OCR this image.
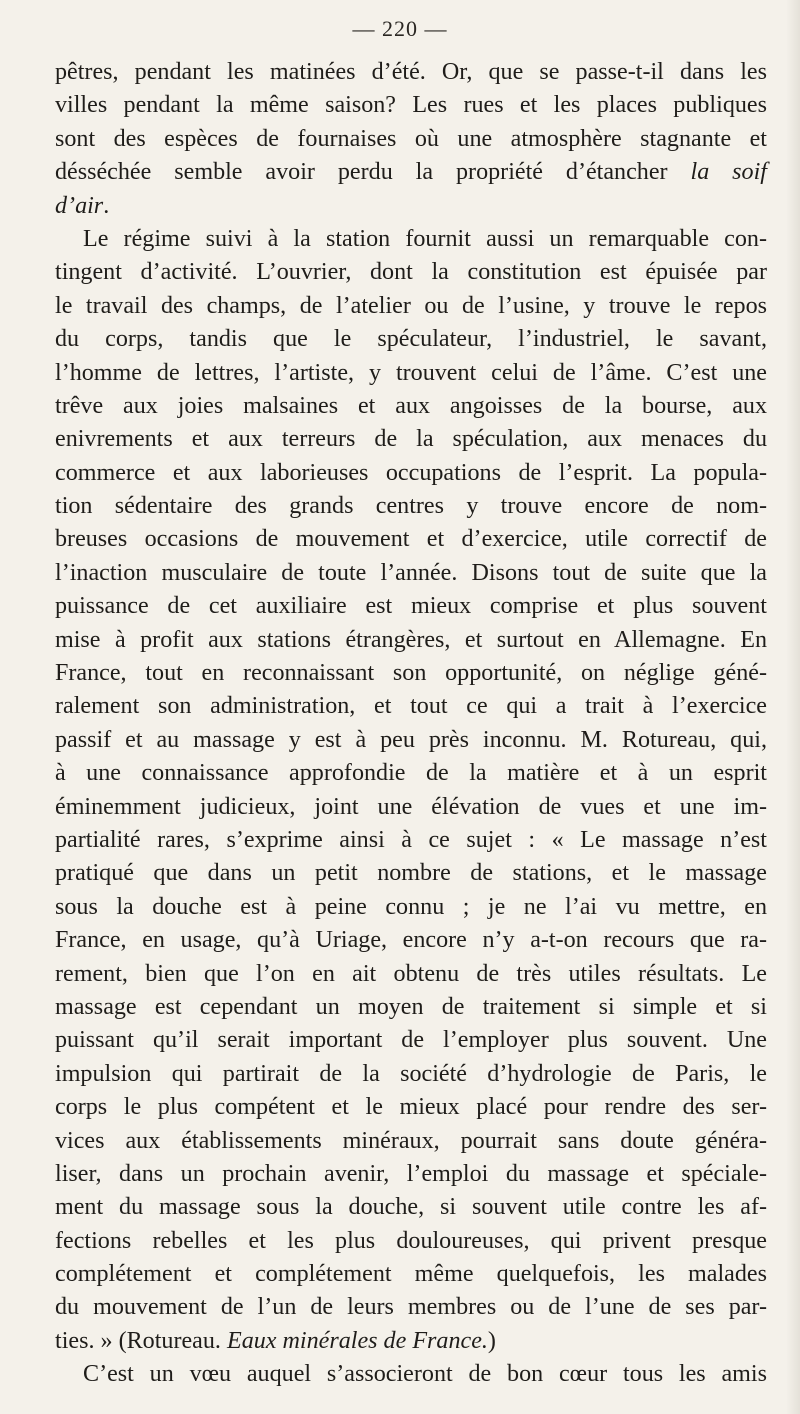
— 220 —
pêtres, pendant les matinées d’été. Or, que se passe-t-il dans les
villes pendant la même saison? Les rues et les places publiques
sont des espèces de fournaises où une atmosphère stagnante et
désséchée semble avoir perdu la propriété d’étancher la soif
d’air.
Le régime suivi à la station fournit aussi un remarquable con-
tingent d’activité. L’ouvrier, dont la constitution est épuisée par
le travail des champs, de l’atelier ou de l’usine, y trouve le repos
du corps, tandis que le spéculateur, l’industriel, le savant,
l’homme de lettres, l’artiste, y trouvent celui de l’âme. C’est une
trêve aux joies malsaines et aux angoisses de la bourse, aux
enivrements et aux terreurs de la spéculation, aux menaces du
commerce et aux laborieuses occupations de l’esprit. La popula-
tion sédentaire des grands centres y trouve encore de nom-
breuses occasions de mouvement et d’exercice, utile correctif de
l’inaction musculaire de toute l’année. Disons tout de suite que la
puissance de cet auxiliaire est mieux comprise et plus souvent
mise à profit aux stations étrangères, et surtout en Allemagne. En
France, tout en reconnaissant son opportunité, on néglige géné-
ralement son administration, et tout ce qui a trait à l’exercice
passif et au massage y est à peu près inconnu. M. Rotureau, qui,
à une connaissance approfondie de la matière et à un esprit
éminemment judicieux, joint une élévation de vues et une im-
partialité rares, s’exprime ainsi à ce sujet : « Le massage n’est
pratiqué que dans un petit nombre de stations, et le massage
sous la douche est à peine connu ; je ne l’ai vu mettre, en
France, en usage, qu’à Uriage, encore n’y a-t-on recours que ra-
rement, bien que l’on en ait obtenu de très utiles résultats. Le
massage est cependant un moyen de traitement si simple et si
puissant qu’il serait important de l’employer plus souvent. Une
impulsion qui partirait de la société d’hydrologie de Paris, le
corps le plus compétent et le mieux placé pour rendre des ser-
vices aux établissements minéraux, pourrait sans doute généra-
liser, dans un prochain avenir, l’emploi du massage et spéciale-
ment du massage sous la douche, si souvent utile contre les af-
fections rebelles et les plus douloureuses, qui privent presque
complétement et complétement même quelquefois, les malades
du mouvement de l’un de leurs membres ou de l’une de ses par-
ties. » (Rotureau. Eaux minérales de France.)
C’est un vœu auquel s’associeront de bon cœur tous les amis
